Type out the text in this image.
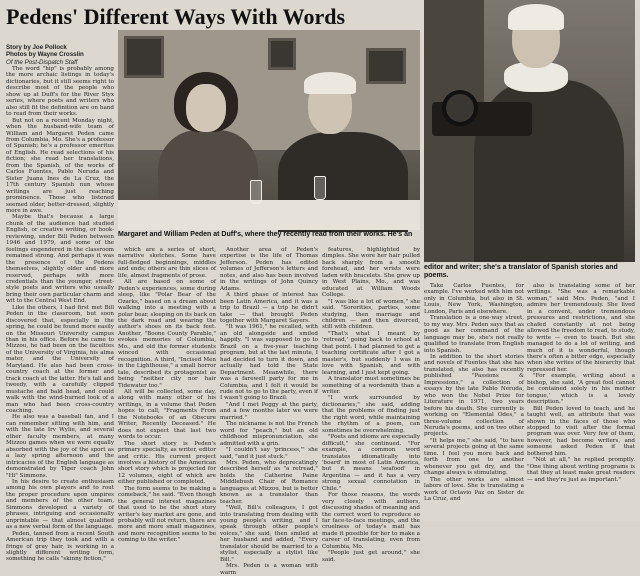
Pedens' Different Ways With Words
Story by Joe Pollock
Photos by Wayne Crosslin
Of the Post-Dispatch Staff
Margaret and William Peden at Duff's, where they recently read from their works. He's an
editor and writer; she's a translator of Spanish stories and poems.

The word "hip" is probably among the more archaic listings in today's dictionaries, but it still seems right to describe most of the people who show up at Duff's for the River Styx series, where poets and writers who also still fit the definition are on hand to read from their works.

But not on a recent Monday night, when the husband-wife team of William and Margaret Peden came from Columbia, Mo. She's a professor of Spanish; he's a professor emeritus of English. He read selections of his fiction; she read her translations, from the Spanish, of the works of Carlos Fuentes, Pablo Neruda and Sister Juana Ines de La Cruz, the 17th century Spanish nun whose writings are just reaching prominence. Those who listened seemed older, better-dressed, slightly more in awe.

Maybe that's because a large chunk of the audience had studied English, or creative writing, or book-reviewing, under Bill Peden between 1946 and 1979, and some of the feelings engendered in the classroom remained strong. And perhaps it was the presence of the Pedens themselves, slightly older and more reserved, perhaps with more credentials than the younger, street-style poets and writers who usually bring their own particular charm and wit to the Central West End.

Like the others, I had first met Bill Peden in the classroom, but soon discovered that, especially in the spring, he could be found more easily on the Missouri University campus than in his office. Before he came to Mizzou, he had been on the faculties of the University of Virginia, his alma mater, and the University of Maryland. He also had been cross-country coach at the former and track coach at the latter. He's tall and tweedy, with a carefully clipped mustache and bald head, and could walk with the wind-burned look of a man who had been cross-country coaching.

He also was a baseball fan, and I can remember sitting with him, and with the late Irv Wylie, and several other faculty members, at many Mizzou games when we were equally absorbed with the joy of the sport as a lazy spring afternoon and the intricacies of the English language as demonstrated by Tiger coach John "Hi" Simmons.

In his desire to create enthusiasm among his own players and to rout the proper procedure upon umpires and members of the other team, Simmons developed a variety of phrases, intriguing and occasionally unprintable — that almost qualified as a new verbal form of the language.

Peden, tanned from a recent South American trip they took and with a fringe of gray hair, is working in a slightly different writing form, something he calls "skinny fiction,"

which are a series of short, narrative sketches. Some have full-fledged beginnings, middles and ends; others are thin slices of life, almost fragments of prose.

All are based on some of Peden's experiences, some during sleep, like "Polar Bear of the Ozarks," based on a dream about walking into a meeting with a polar bear, sleeping on its back on the dark road and wearing the author's shoes on its back feet. Another, "Boone County Parable," evokes memories of Columbia, Mo., and old the former students winced with occasional recognition. A third, "Incised Men in the Lighthouse," a small horror tale, described its protagonist as being "neither city nor hair Tidewater too."

All will be collected, some day, along with many other of his writings, in a volume that Peden hopes to call, "Fragments From the Notebooks of an Obscure Writer, Recently Deceased." He does not expect that last two words to occur.

The short story is Peden's primary specialty, as writer, editor and critic. His current project involves a history of the American short story which is projected for 12 volumes, eight of which are either published or completed.

The form seems to be making a comeback," he said. "Even though the general interest magazines that used to be the short story writer's key market are gone, and probably will not return, there are more and more small magazines, and more recognition seems to be coming to the writer."

Another area of Peden's expertise is the life of Thomas Jefferson. Peden has edited volumes of Jefferson's letters and notes, and also has been involved in the writings of John Quincy Adams.

A third phase of interest has been Latin America, and it was a trip to Brazil — a trip he didn't take — that brought Peden together with Margaret Sayers.

"It was 1961," he recalled, with an old alongside and smiled happily. "I was supposed to go to Brazil on a five-year teaching program, but at the last minute, I had decided to turn it down, and actually had told the State Department. Meanwhile, there was a farewell party for me in Columbia, and I felt it would be rude not to go to the party, even if I wasn't going to Brazil.

"And I met Peggy at the party, and a few months later we were married."

The nickname is not the French word for "peach," but an old childhood mispronunciation, she admitted with a grin.

"I couldn't say 'princess,'" she said, "and it just stuck."

Mrs. Peden, who deprecatingly described herself as "a retread," holds the Catherine Paine Middlebush Chair of Romance languages at Mizzou, but is better known as a translator than teacher.

"Well, Bill's colleagues, I got into translating from dealing with young people's writing, and I speak through other people's voices," she said, then smiled at her husband and added, "Every translator should be married to a stylist, especially a stylist like Bill."

Mrs. Peden is a woman with warm

features, highlighted by dimples. She wore her hair pulled back sharply from a smooth forehead, and her wrists were laden with bracelets. She grew up in West Plains, Mo., and was educated at William Woods College.

"I was like a lot of women," she said. "Sororities, parties, some studying, then marriage and children — and then divorced, still with children.

"That's what I meant by 'retread,' going back to school at that point. I had planned to get a teaching certificate after I got a master's, but suddenly I was in love with Spanish, and with learning, and I just kept going.

A translator must sometimes be something of a wordsmith than a writer.

"I work surrounded by dictionaries," she said, adding that the problems of finding just the right word, while maintaining the rhythm of a poem, can sometimes be overwhelming.

"Poets and idioms are especially difficult," she continued. "For example, a common word translates idiomatically into 'board' in most of Latin America, but it means 'seafood' in Argentina — and it has a very strong sexual connotation in Chile."

For those reasons, the words very closely with authors, discussing shades of meaning and the correct word to reproduce so far face-to-face meetings, and the cruelness of today's mail has made it possible for her to make a career of translating, even from Columbia, Mo.

"People just get around," she said.

Take Carlos Fuentes, for example. I've worked with him not only in Columbia, but also in St. Louis, New York, Washington, London, Paris and elsewhere.

Translation is a one-way street, to my way. Mrs. Peden says that as good as her command of the language may be, she's not really qualified to translate from English into Spanish.

In addition to the short stories and novels of Fuentes that she has translated, she also has recently published "Passions & Impressions," a collection of essays by the late Pablo Neruda, who won the Nobel Prize for Literature in 1971, two years before his death. She currently is working on "Elemental Odes," a three-volume collection of Neruda's poems, and on two other projects.

"It helps me," she said, "to have several projects going at the same time. I feel you more back and forth from one to another whenever you get dry, and the change always is stimulating.

The other works are almost labors of love. She is translating a work of Octavio Paz on Sister de La Cruz, and

also is translating some of her writings. "She was a remarkable woman," said Mrs. Peden, "and I admire her tremendously. She lived in a convent, under tremendous pressures and restrictions, and she chafed constantly at not being allowed the freedom to read, to study, to write — even to teach. But she managed to do a lot of writing, and much of it is wonderful, though there's often a bitter edge, especially when she writes of the hierarchy that repressed her.

"For example, writing about a bishop, she said, 'A great fool cannot be contained solely in his mother tongue,' which is a lovely description."

Bill Peden loved to teach, and he taught well, an attribute that was shown in the faces of those who stopped to visit after the formal program was over. Very few of them, however, had become writers, and someone asked Peden if that bothered him.

"Not at all," he replied promptly. "One thing about writing programs is that they at least make great readers — and they're just as important."
